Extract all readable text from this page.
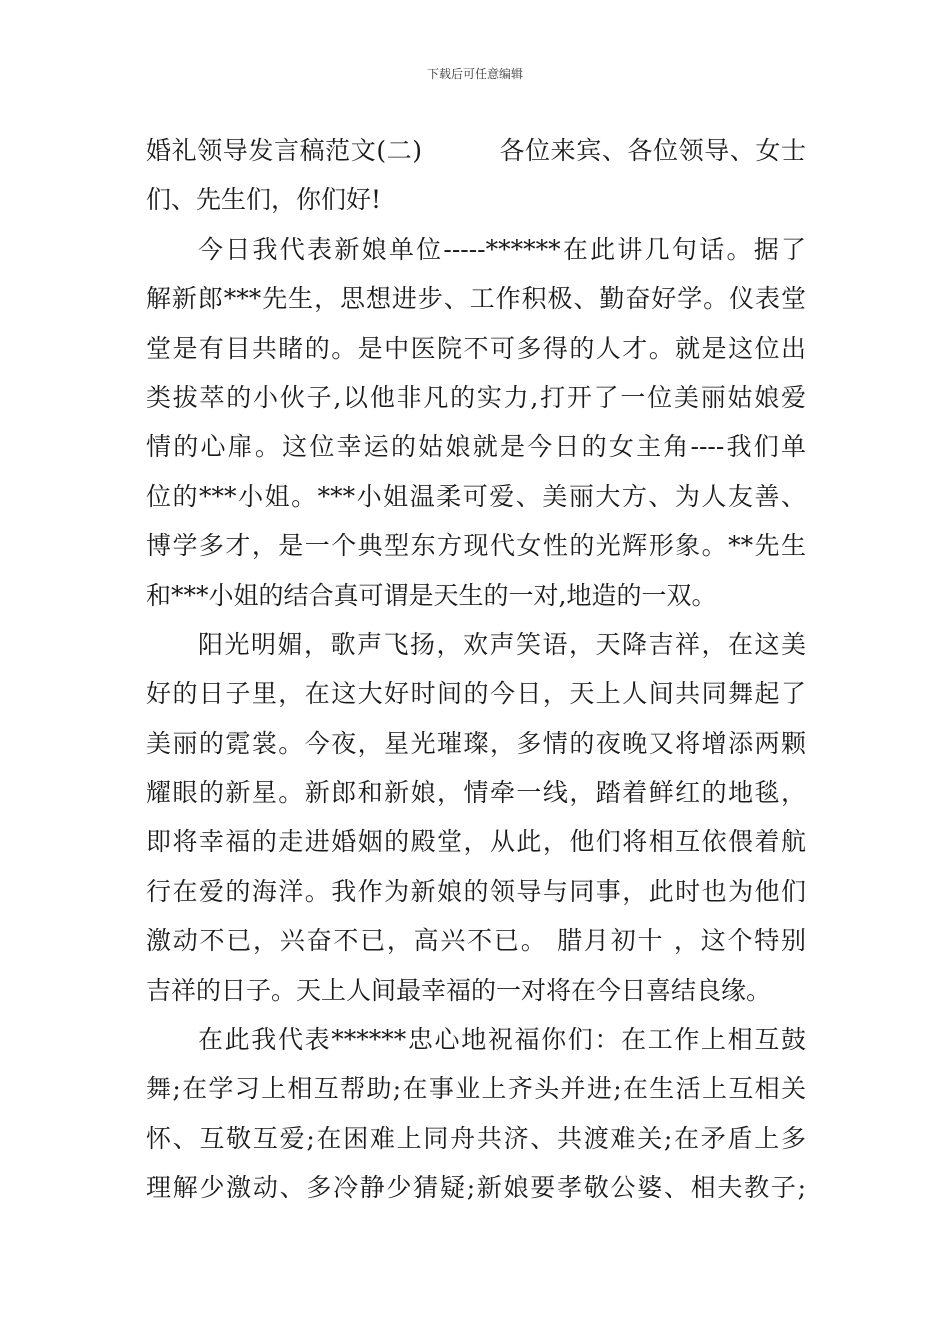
下载后可任意编辑
婚礼领导发言稿范文(二)　　　各位来宾、各位领导、女士
们、先生们，你们好!
今日我代表新娘单位-----******在此讲几句话。据了
解新郎***先生，思想进步、工作积极、勤奋好学。仪表堂
堂是有目共睹的。是中医院不可多得的人才。就是这位出
类拔萃的小伙子,以他非凡的实力,打开了一位美丽姑娘爱
情的心扉。这位幸运的姑娘就是今日的女主角----我们单
位的***小姐。***小姐温柔可爱、美丽大方、为人友善、
博学多才，是一个典型东方现代女性的光辉形象。**先生
和***小姐的结合真可谓是天生的一对,地造的一双。
阳光明媚，歌声飞扬，欢声笑语，天降吉祥，在这美
好的日子里，在这大好时间的今日，天上人间共同舞起了
美丽的霓裳。今夜，星光璀璨，多情的夜晚又将增添两颗
耀眼的新星。新郎和新娘，情牵一线，踏着鲜红的地毯，
即将幸福的走进婚姻的殿堂，从此，他们将相互依偎着航
行在爱的海洋。我作为新娘的领导与同事，此时也为他们
激动不已，兴奋不已，高兴不已。 腊月初十 ，这个特别
吉祥的日子。天上人间最幸福的一对将在今日喜结良缘。
在此我代表******忠心地祝福你们：在工作上相互鼓
舞;在学习上相互帮助;在事业上齐头并进;在生活上互相关
怀、互敬互爱;在困难上同舟共济、共渡难关;在矛盾上多
理解少激动、多冷静少猜疑;新娘要孝敬公婆、相夫教子;
